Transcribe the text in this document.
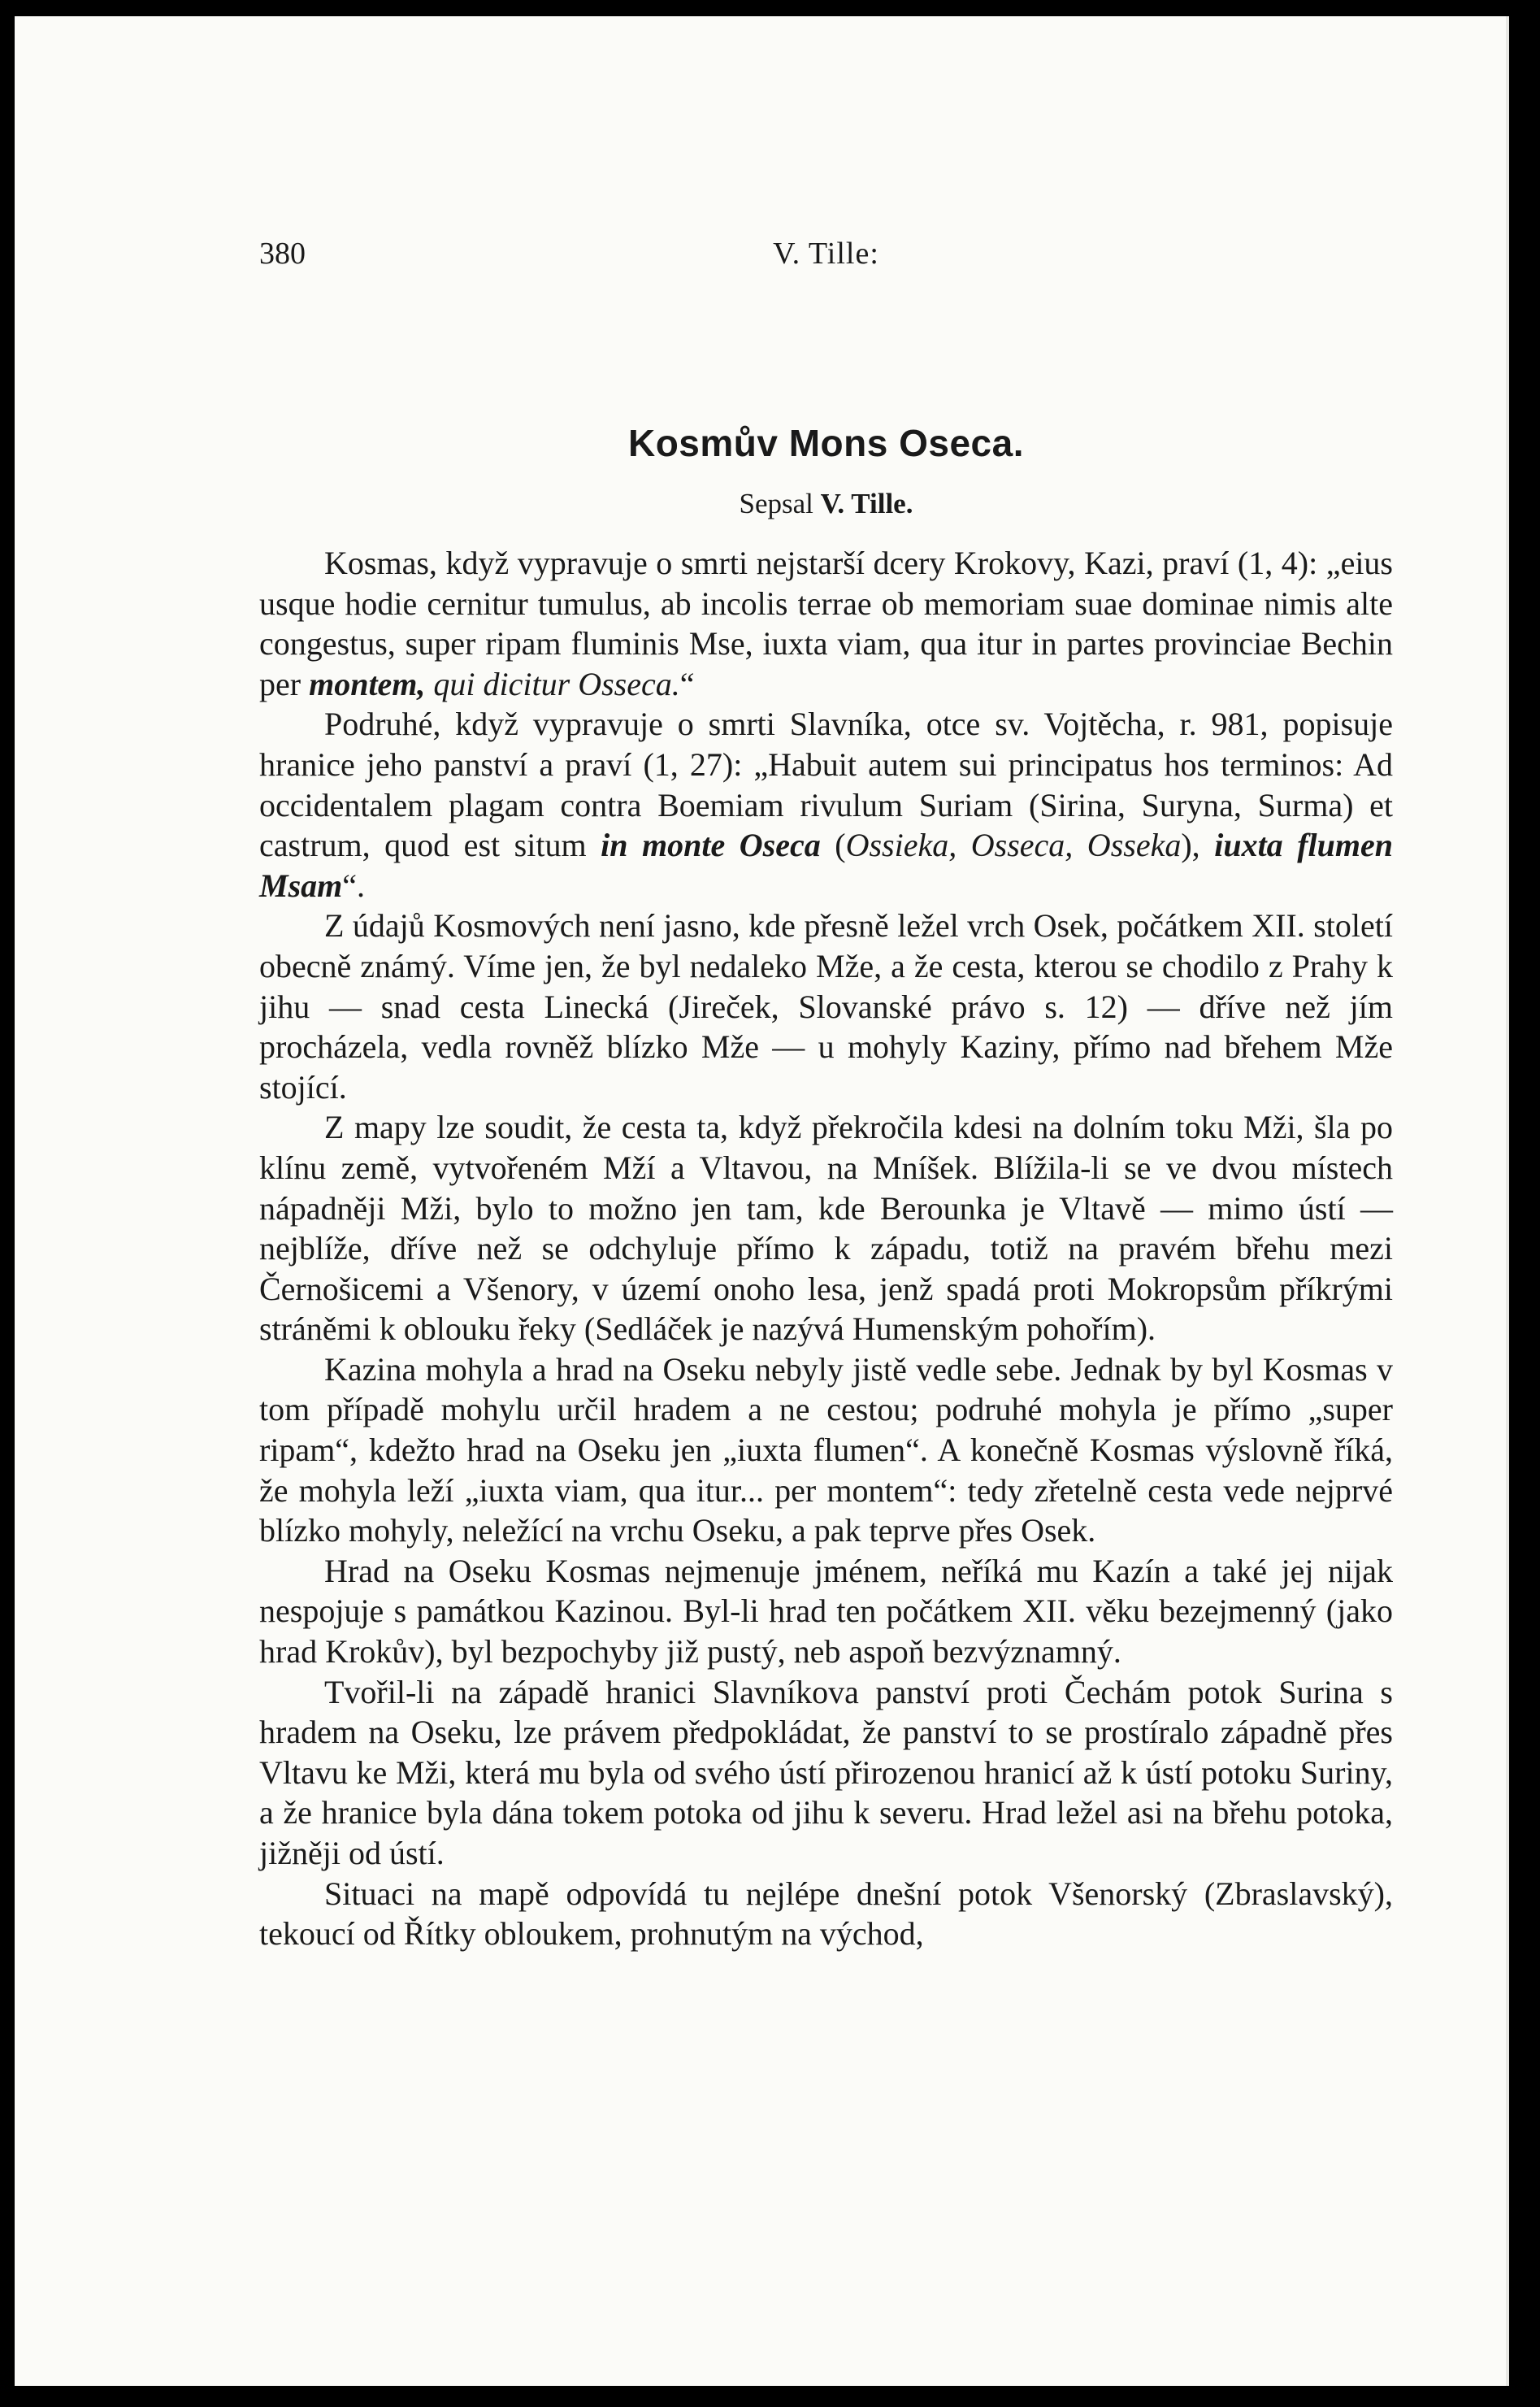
380	V. Tille:
Kosmův Mons Oseca.
Sepsal V. Tille.

Kosmas, když vypravuje o smrti nejstarší dcery Krokovy, Kazi, praví (1, 4): „eius usque hodie cernitur tumulus, ab incolis terrae ob memoriam suae dominae nimis alte congestus, super ripam fluminis Mse, iuxta viam, qua itur in partes provinciae Bechin per montem, qui dicitur Osseca.“

Podruhé, když vypravuje o smrti Slavníka, otce sv. Vojtěcha, r. 981, popisuje hranice jeho panství a praví (1, 27): „Habuit autem sui principatus hos terminos: Ad occidentalem plagam contra Boemiam rivulum Suriam (Sirina, Suryna, Surma) et castrum, quod est situm in monte Oseca (Ossieka, Osseca, Osseka), iuxta flumen Msam“.

Z údajů Kosmových není jasno, kde přesně ležel vrch Osek, počátkem XII. století obecně známý. Víme jen, že byl nedaleko Mže, a že cesta, kterou se chodilo z Prahy k jihu — snad cesta Linecká (Jireček, Slovanské právo s. 12) — dříve než jím procházela, vedla rovněž blízko Mže — u mohyly Kaziny, přímo nad břehem Mže stojící.

Z mapy lze soudit, že cesta ta, když překročila kdesi na dolním toku Mži, šla po klínu země, vytvořeném Mží a Vltavou, na Mníšek. Blížila-li se ve dvou místech nápadněji Mži, bylo to možno jen tam, kde Berounka je Vltavě — mimo ústí — nejblíže, dříve než se odchyluje přímo k západu, totiž na pravém břehu mezi Černošicemi a Všenory, v území onoho lesa, jenž spadá proti Mokropsům příkrými stráněmi k oblouku řeky (Sedláček je nazývá Humenským pohořím).

Kazina mohyla a hrad na Oseku nebyly jistě vedle sebe. Jednak by byl Kosmas v tom případě mohylu určil hradem a ne cestou; podruhé mohyla je přímo „super ripam“, kdežto hrad na Oseku jen „iuxta flumen“. A konečně Kosmas výslovně říká, že mohyla leží „iuxta viam, qua itur... per montem“: tedy zřetelně cesta vede nejprvé blízko mohyly, neležící na vrchu Oseku, a pak teprve přes Osek.

Hrad na Oseku Kosmas nejmenuje jménem, neříká mu Kazín a také jej nijak nespojuje s památkou Kazinou. Byl-li hrad ten počátkem XII. věku bezejmenný (jako hrad Krokův), byl bezpochyby již pustý, neb aspoň bezvýznamný.

Tvořil-li na západě hranici Slavníkova panství proti Čechám potok Surina s hradem na Oseku, lze právem předpokládat, že panství to se prostíralo západně přes Vltavu ke Mži, která mu byla od svého ústí přirozenou hranicí až k ústí potoku Suriny, a že hranice byla dána tokem potoka od jihu k severu. Hrad ležel asi na břehu potoka, jižněji od ústí.

Situaci na mapě odpovídá tu nejlépe dnešní potok Všenorský (Zbraslavský), tekoucí od Řítky obloukem, prohnutým na východ,
